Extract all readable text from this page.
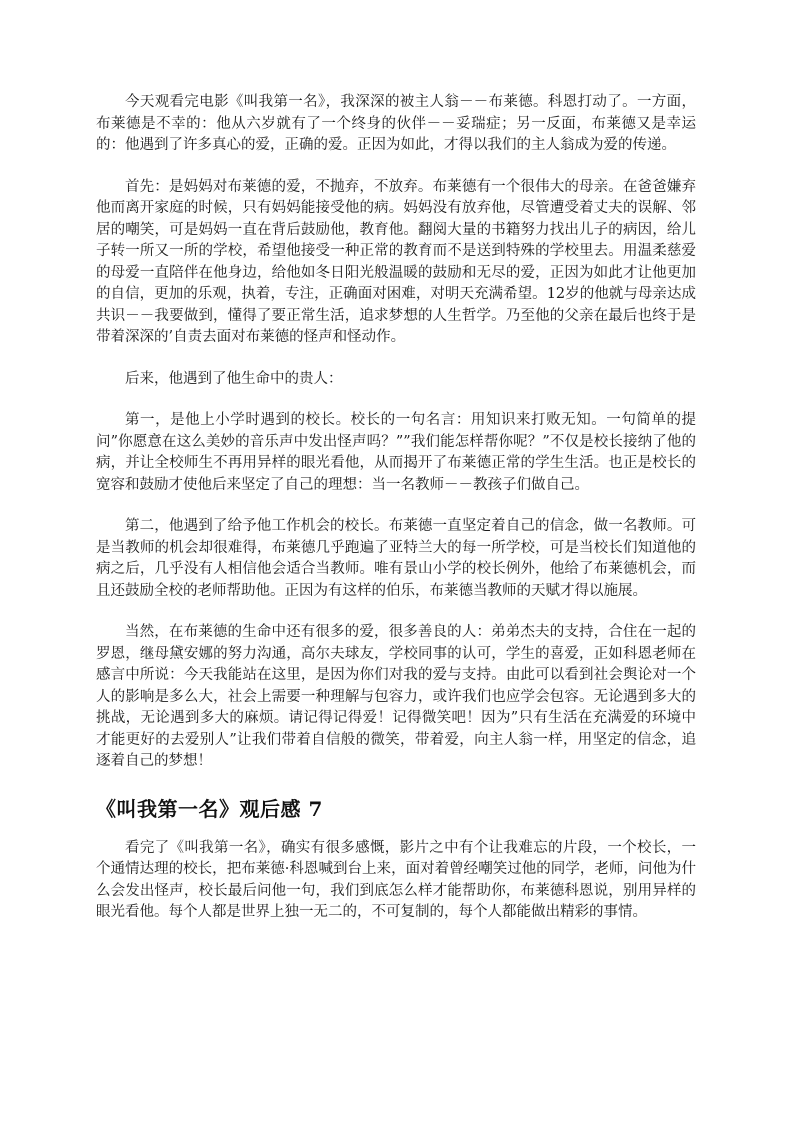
今天观看完电影《叫我第一名》，我深深的被主人翁－－布莱德。科恩打动了。一方面，布莱德是不幸的：他从六岁就有了一个终身的伙伴－－妥瑞症；另一反面，布莱德又是幸运的：他遇到了许多真心的爱，正确的爱。正因为如此，才得以我们的主人翁成为爱的传递。

首先：是妈妈对布莱德的爱，不抛弃，不放弃。布莱德有一个很伟大的母亲。在爸爸嫌弃他而离开家庭的时候，只有妈妈能接受他的病。妈妈没有放弃他，尽管遭受着丈夫的误解、邻居的嘲笑，可是妈妈一直在背后鼓励他，教育他。翻阅大量的书籍努力找出儿子的病因，给儿子转一所又一所的学校，希望他接受一种正常的教育而不是送到特殊的学校里去。用温柔慈爱的母爱一直陪伴在他身边，给他如冬日阳光般温暖的鼓励和无尽的爱，正因为如此才让他更加的自信，更加的乐观，执着，专注，正确面对困难，对明天充满希望。12岁的他就与母亲达成共识－－我要做到，懂得了要正常生活，追求梦想的人生哲学。乃至他的父亲在最后也终于是带着深深的’自责去面对布莱德的怪声和怪动作。

后来，他遇到了他生命中的贵人：

第一，是他上小学时遇到的校长。校长的一句名言：用知识来打败无知。一句简单的提问”你愿意在这么美妙的音乐声中发出怪声吗？””我们能怎样帮你呢？”不仅是校长接纳了他的病，并让全校师生不再用异样的眼光看他，从而揭开了布莱德正常的学生生活。也正是校长的宽容和鼓励才使他后来坚定了自己的理想：当一名教师－－教孩子们做自己。

第二，他遇到了给予他工作机会的校长。布莱德一直坚定着自己的信念，做一名教师。可是当教师的机会却很难得，布莱德几乎跑遍了亚特兰大的每一所学校，可是当校长们知道他的病之后，几乎没有人相信他会适合当教师。唯有景山小学的校长例外，他给了布莱德机会，而且还鼓励全校的老师帮助他。正因为有这样的伯乐，布莱德当教师的天赋才得以施展。

当然，在布莱德的生命中还有很多的爱，很多善良的人：弟弟杰夫的支持，合住在一起的罗恩，继母黛安娜的努力沟通，高尔夫球友，学校同事的认可，学生的喜爱，正如科恩老师在感言中所说：今天我能站在这里，是因为你们对我的爱与支持。由此可以看到社会舆论对一个人的影响是多么大，社会上需要一种理解与包容力，或许我们也应学会包容。无论遇到多大的挑战，无论遇到多大的麻烦。请记得记得爱！记得微笑吧！因为”只有生活在充满爱的环境中才能更好的去爱别人”让我们带着自信般的微笑，带着爱，向主人翁一样，用坚定的信念，追逐着自己的梦想！

《叫我第一名》观后感 7

看完了《叫我第一名》，确实有很多感慨，影片之中有个让我难忘的片段，一个校长，一个通情达理的校长，把布莱德·科恩喊到台上来，面对着曾经嘲笑过他的同学，老师，问他为什么会发出怪声，校长最后问他一句，我们到底怎么样才能帮助你，布莱德科恩说，别用异样的眼光看他。每个人都是世界上独一无二的，不可复制的，每个人都能做出精彩的事情。
